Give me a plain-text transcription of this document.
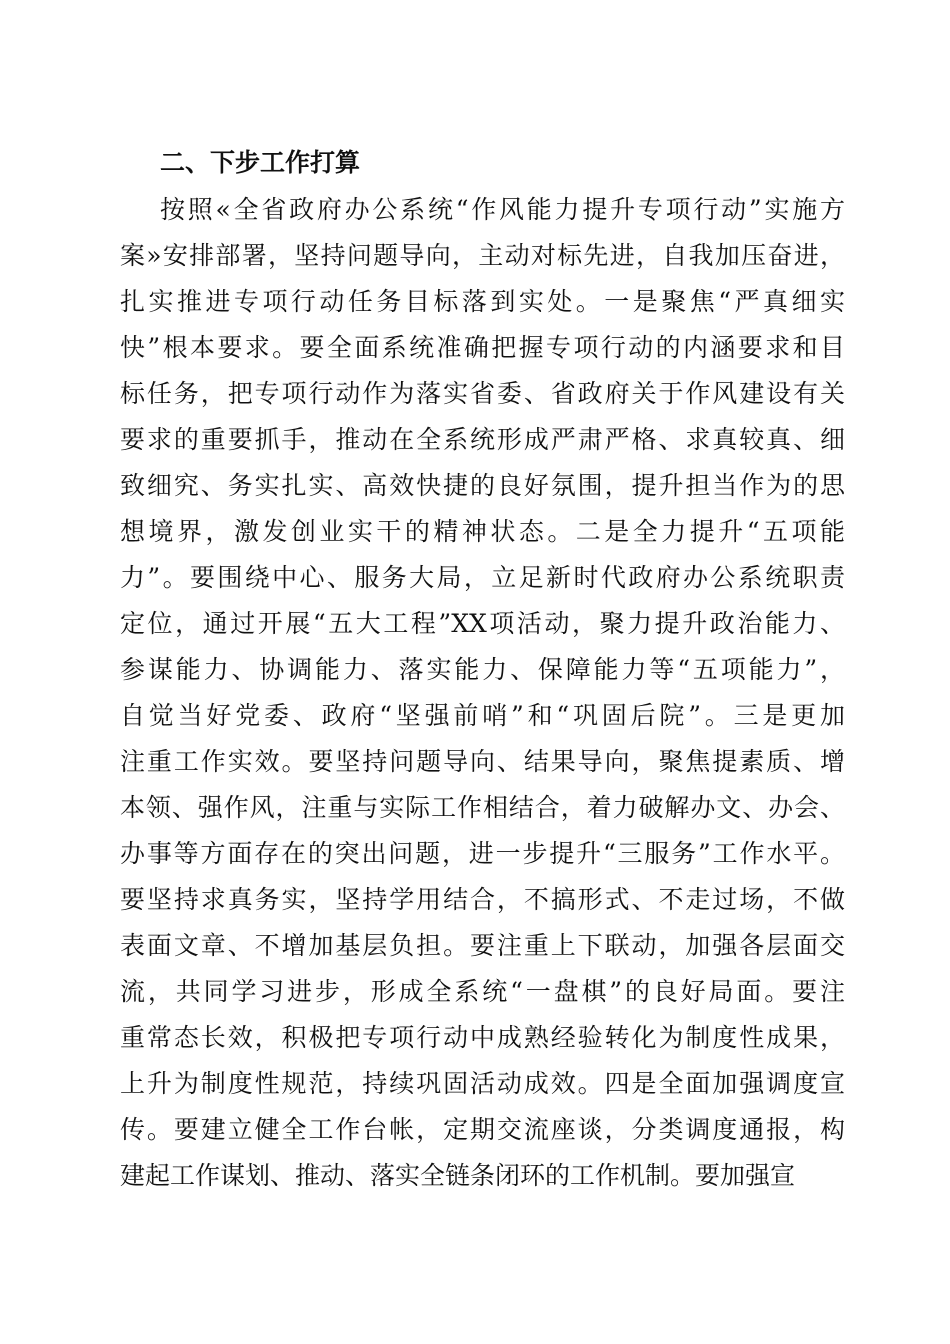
二、下步工作打算
按照«全省政府办公系统“作风能力提升专项行动”实施方
案»安排部署，坚持问题导向，主动对标先进，自我加压奋进，
扎实推进专项行动任务目标落到实处。一是聚焦“严真细实
快”根本要求。要全面系统准确把握专项行动的内涵要求和目
标任务，把专项行动作为落实省委、省政府关于作风建设有关
要求的重要抓手，推动在全系统形成严肃严格、求真较真、细
致细究、务实扎实、高效快捷的良好氛围，提升担当作为的思
想境界，激发创业实干的精神状态。二是全力提升“五项能
力”。要围绕中心、服务大局，立足新时代政府办公系统职责
定位，通过开展“五大工程”XX项活动，聚力提升政治能力、
参谋能力、协调能力、落实能力、保障能力等“五项能力”，
自觉当好党委、政府“坚强前哨”和“巩固后院”。三是更加
注重工作实效。要坚持问题导向、结果导向，聚焦提素质、增
本领、强作风，注重与实际工作相结合，着力破解办文、办会、
办事等方面存在的突出问题，进一步提升“三服务”工作水平。
要坚持求真务实，坚持学用结合，不搞形式、不走过场，不做
表面文章、不增加基层负担。要注重上下联动，加强各层面交
流，共同学习进步，形成全系统“一盘棋”的良好局面。要注
重常态长效，积极把专项行动中成熟经验转化为制度性成果，
上升为制度性规范，持续巩固活动成效。四是全面加强调度宣
传。要建立健全工作台帐，定期交流座谈，分类调度通报，构
建起工作谋划、推动、落实全链条闭环的工作机制。要加强宣
